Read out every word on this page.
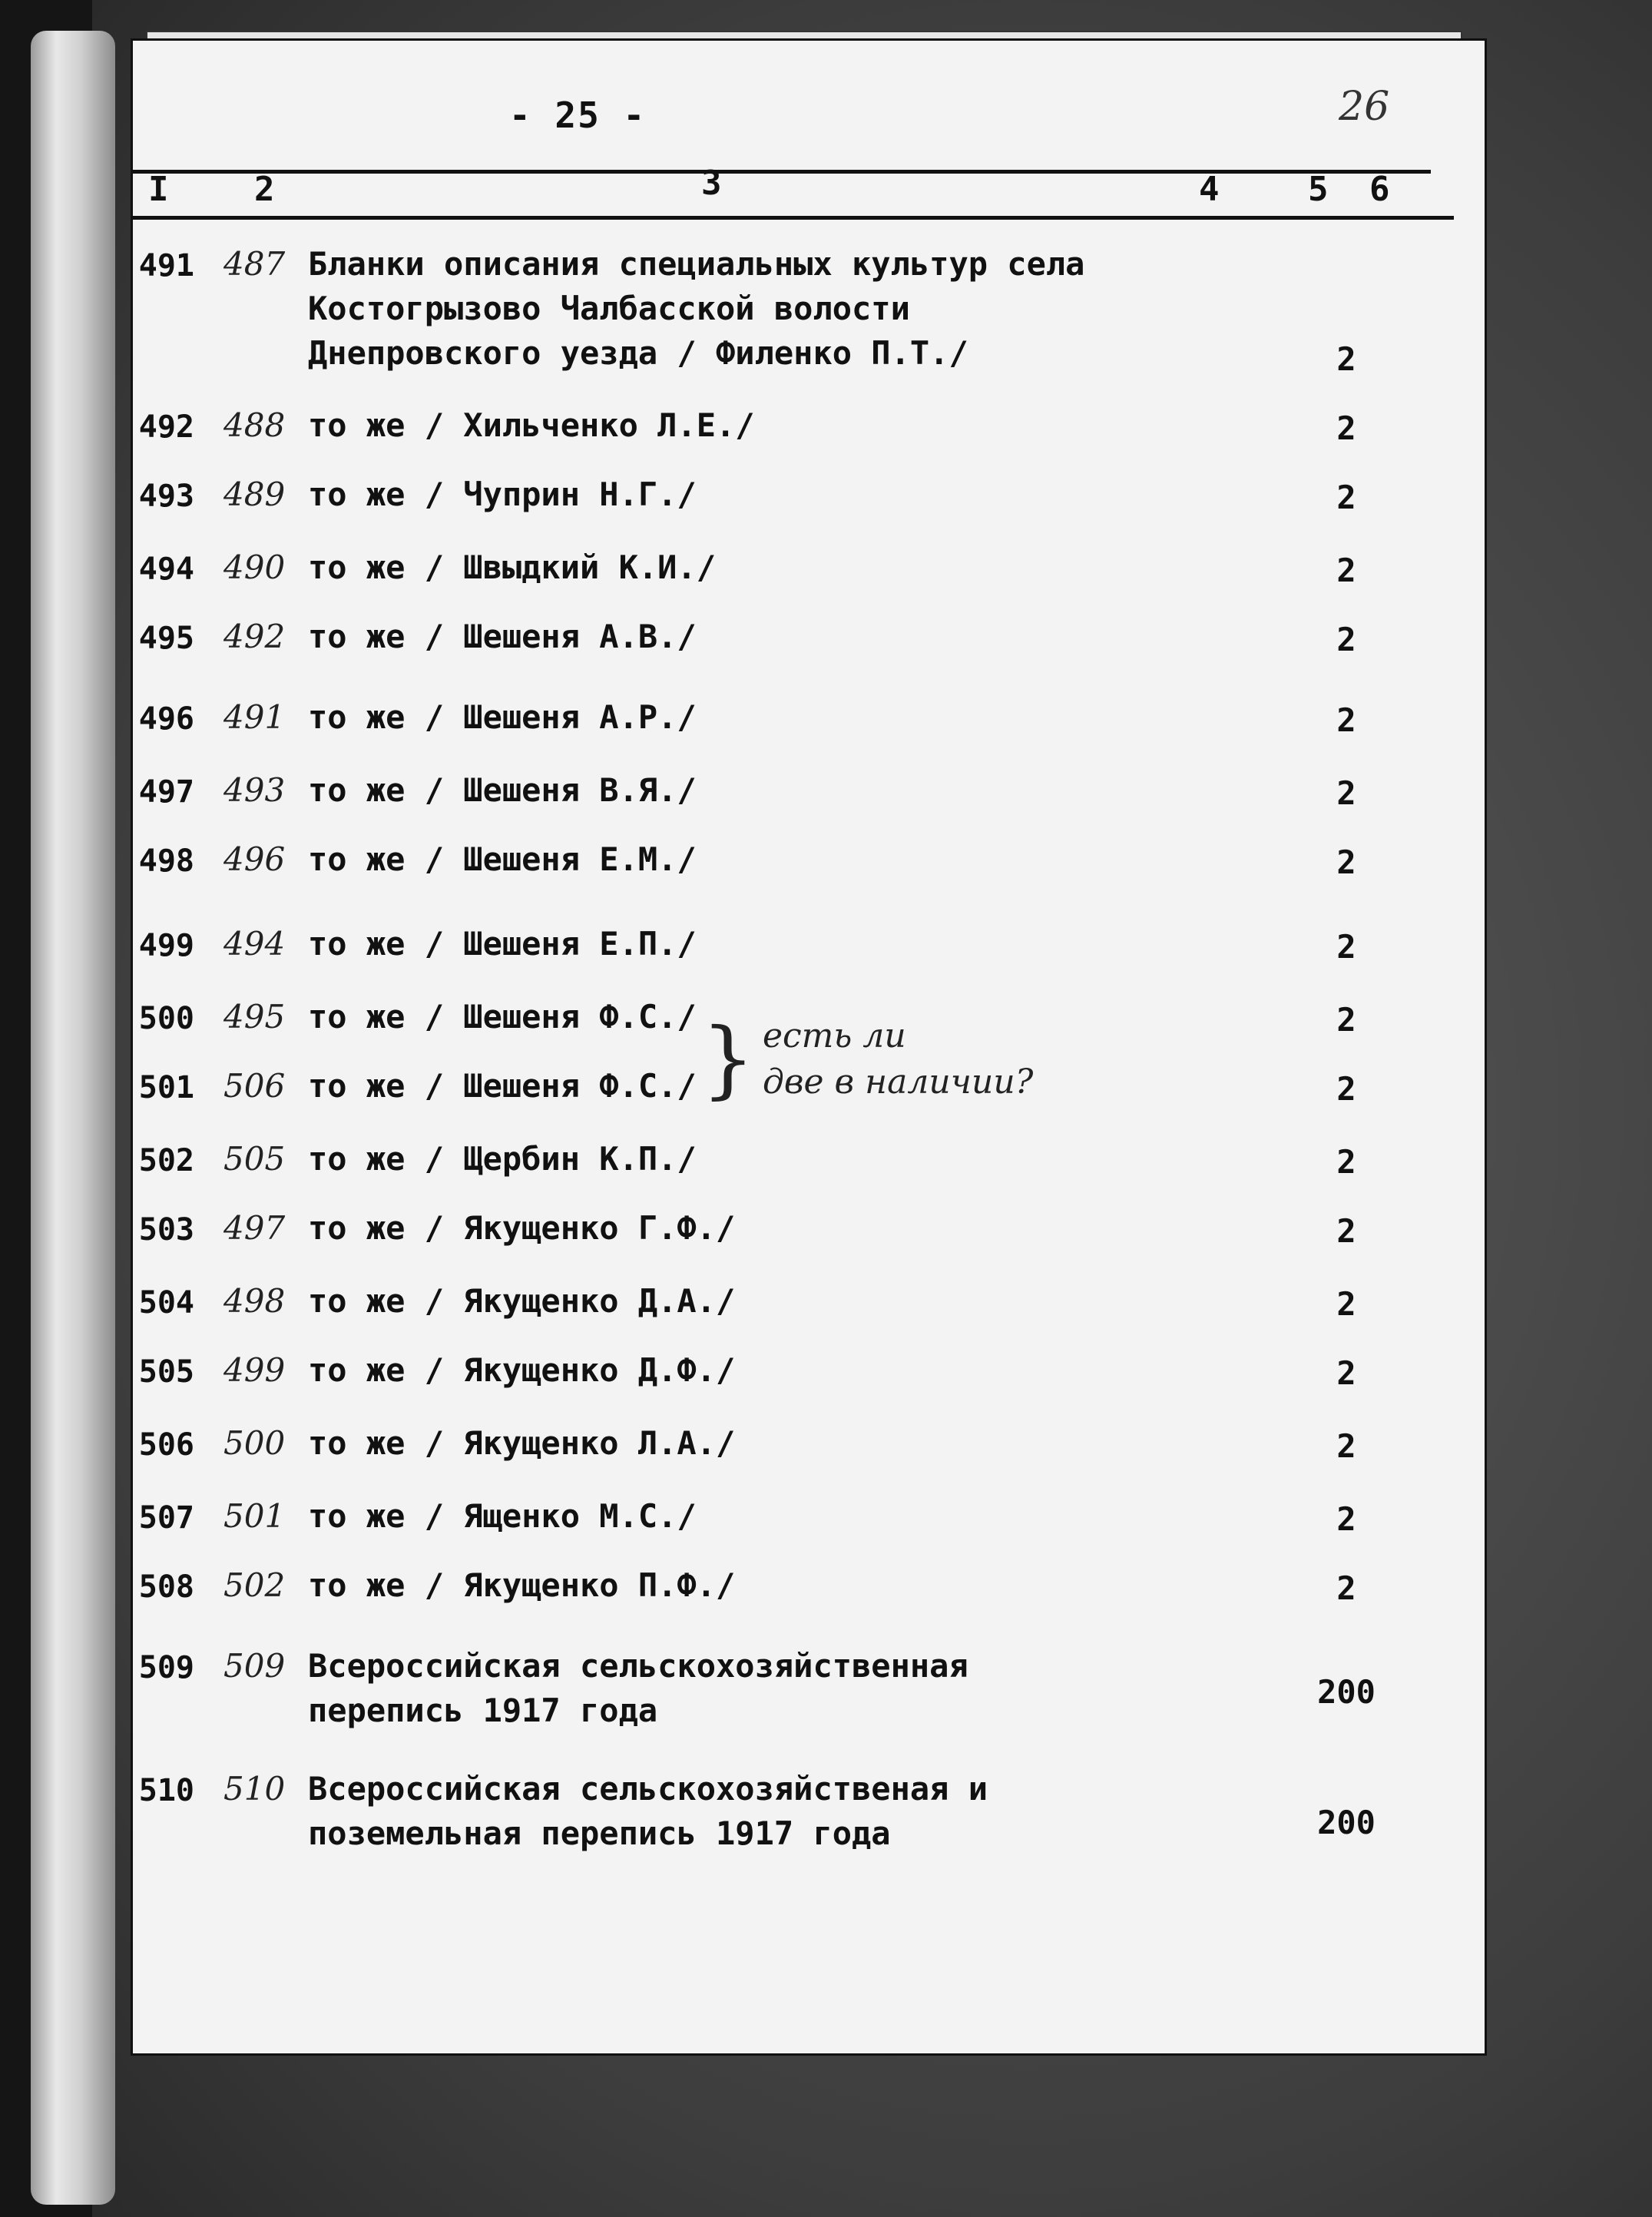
- 25 -	26
I	2	3	4	5 6
491 487 Бланки описания специальных культур села Костогрызово Чалбасской волости Днепровского уезда / Филенко П.Т./	2
492 488 то же / Хильченко Л.Е./	2
493 489 то же / Чуприн Н.Г./	2
494 490 то же / Швыдкий К.И./	2
495 492 то же / Шешеня А.В./	2
496 491 то же / Шешеня А.Р./	2
497 493 то же / Шешеня В.Я./	2
498 496 то же / Шешеня Е.М./	2
499 494 то же / Шешеня Е.П./	2
500 495 то же / Шешеня Ф.С./	2
501 506 то же / Шешеня Ф.С./	2
502 505 то же / Щербин К.П./	2
503 497 то же / Якущенко Г.Ф./	2
504 498 то же / Якущенко Д.А./	2
505 499 то же / Якущенко Д.Ф./	2
506 500 то же / Якущенко Л.А./	2
507 501 то же / Ященко М.С./	2
508 502 то же / Якущенко П.Ф./	2
509 509 Всероссийская сельскохозяйственная перепись 1917 года	200
510 510 Всероссийская сельскохозяйственая и поземельная перепись 1917 года	200
есть ли
две в наличии?
}
